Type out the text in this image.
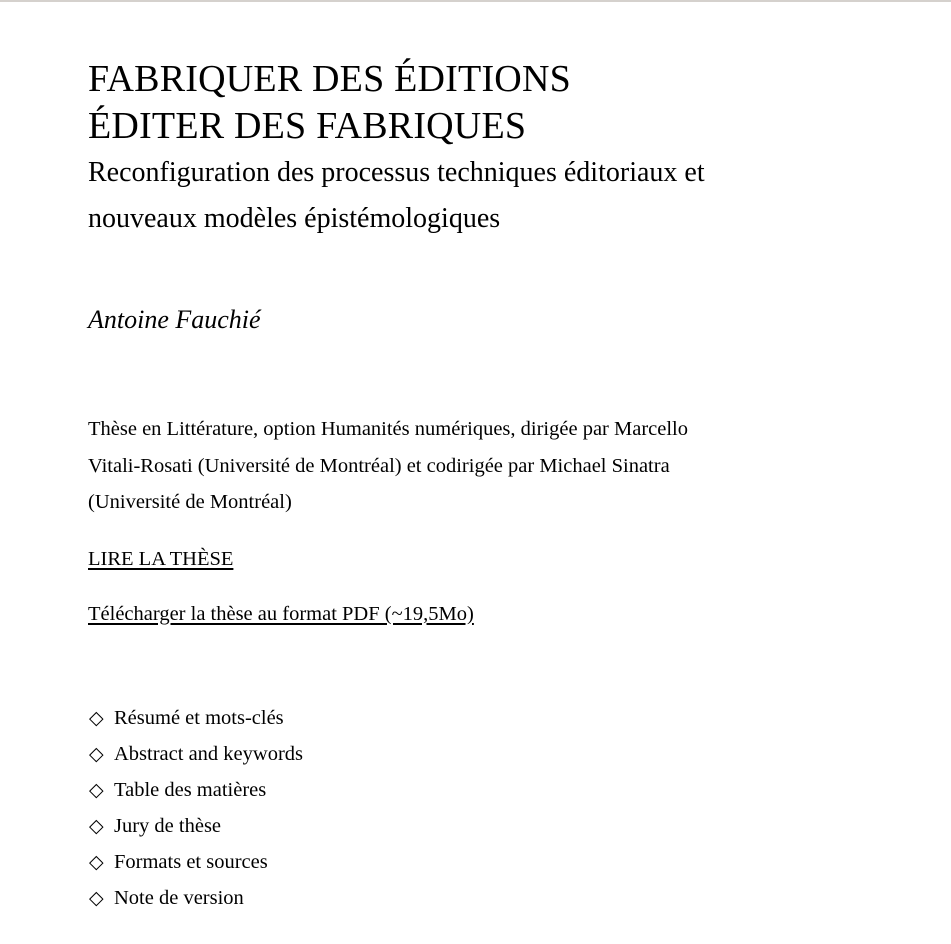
FABRIQUER DES ÉDITIONS
ÉDITER DES FABRIQUES
Reconfiguration des processus techniques éditoriaux et
nouveaux modèles épistémologiques

Antoine Fauchié

Thèse en Littérature, option Humanités numériques, dirigée par Marcello
Vitali-Rosati (Université de Montréal) et codirigée par Michael Sinatra
(Université de Montréal)

LIRE LA THÈSE

Télécharger la thèse au format PDF (~19,5Mo)

◇ Résumé et mots-clés
◇ Abstract and keywords
◇ Table des matières
◇ Jury de thèse
◇ Formats et sources
◇ Note de version
